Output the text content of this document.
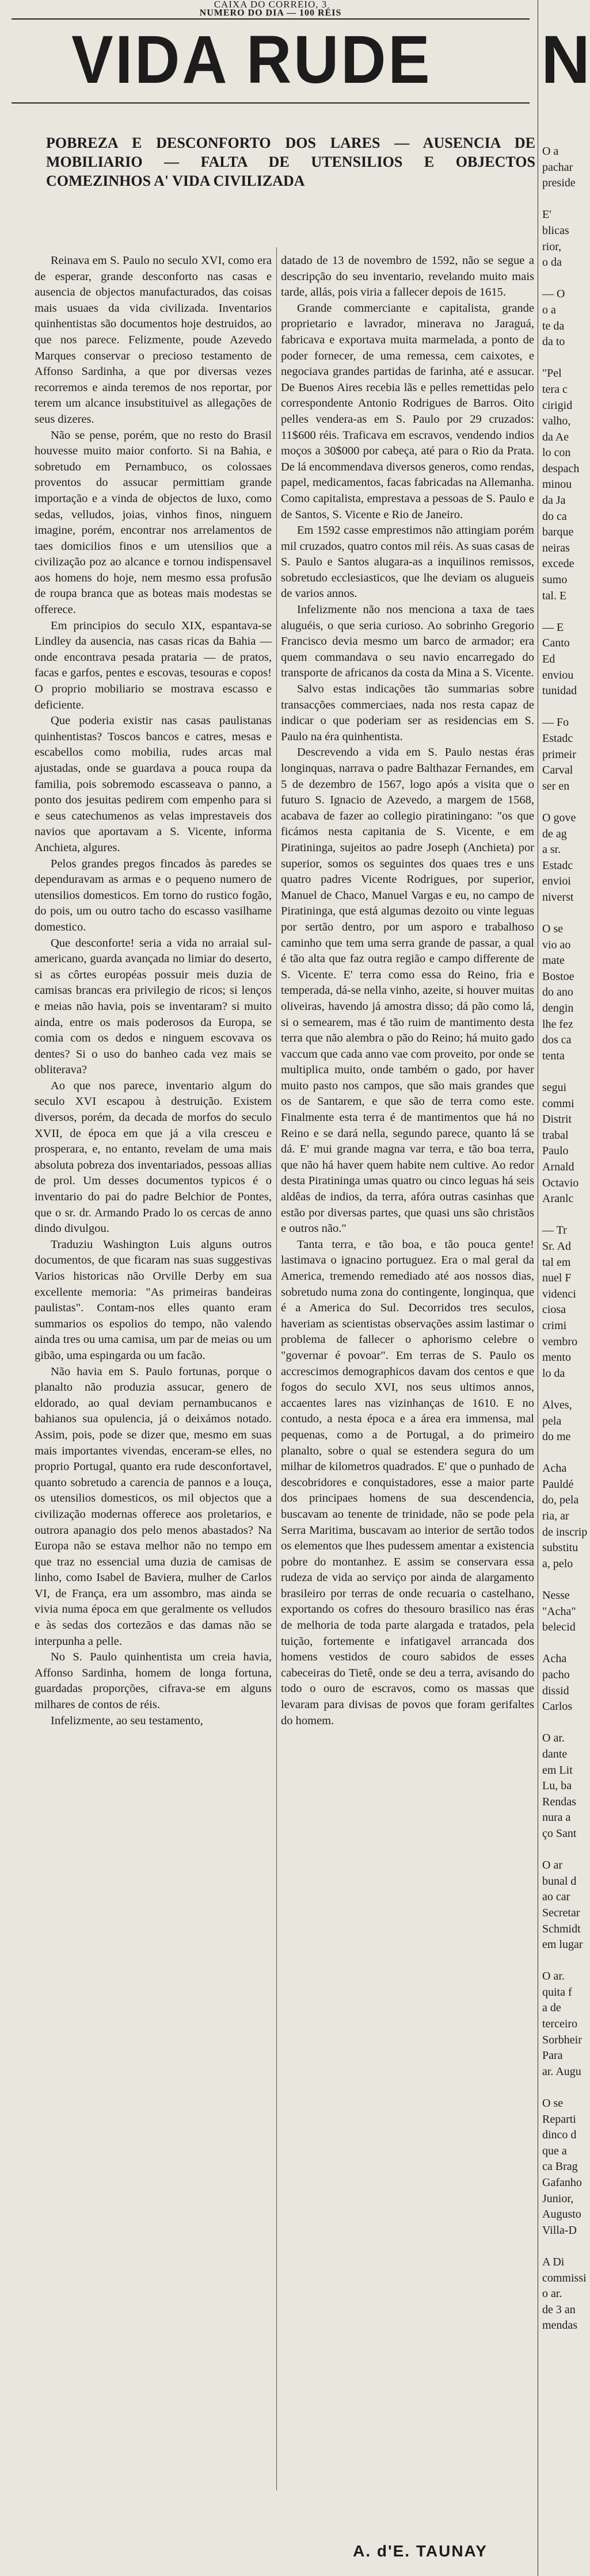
CAIXA DO CORREIO, 3
NUMERO DO DIA — 100 RÉIS
VIDA RUDE
POBREZA E DESCONFORTO DOS LARES — AUSENCIA DE MOBILIARIO — FALTA DE UTENSILIOS E OBJECTOS COMEZINHOS A' VIDA CIVILIZADA

Reinava em S. Paulo no seculo XVI, como era de esperar, grande desconforto nas casas e ausencia de objectos manufacturados, das coisas mais usuaes da vida civilizada. Inventarios quinhentistas são documentos hoje destruidos, ao que nos parece. Felizmente, poude Azevedo Marques conservar o precioso testamento de Affonso Sardinha, a que por diversas vezes recorremos e ainda teremos de nos reportar, por terem um alcance insubstituivel as allegações de seus dizeres.

Não se pense, porém, que no resto do Brasil houvesse muito maior conforto. Si na Bahia, e sobretudo em Pernambuco, os colossaes proventos do assucar permittiam grande importação e a vinda de objectos de luxo, como sedas, velludos, joias, vinhos finos, ninguem imagine, porém, encontrar nos arrelamentos de taes domicilios finos e um utensilios que a civilização poz ao alcance e tornou indispensavel aos homens do hoje, nem mesmo essa profusão de roupa branca que as boteas mais modestas se offerece.

Em principios do seculo XIX, espantava-se Lindley da ausencia, nas casas ricas da Bahia — onde encontrava pesada prataria — de pratos, facas e garfos, pentes e escovas, tesouras e copos! O proprio mobiliario se mostrava escasso e deficiente.

Que poderia existir nas casas paulistanas quinhentistas? Toscos bancos e catres, mesas e escabellos como mobilia, rudes arcas mal ajustadas, onde se guardava a pouca roupa da familia, pois sobremodo escasseava o panno, a ponto dos jesuitas pedirem com empenho para si e seus catechumenos as velas imprestaveis dos navios que aportavam a S. Vicente, informa Anchieta, algures.

Pelos grandes pregos fincados às paredes se dependuravam as armas e o pequeno numero de utensilios domesticos. Em torno do rustico fogão, do pois, um ou outro tacho do escasso vasilhame domestico.

Que desconforte! seria a vida no arraial sul-americano, guarda avançada no limiar do deserto, si as côrtes européas possuir meis duzia de camisas brancas era privilegio de ricos; si lenços e meias não havia, pois se inventaram? si muito ainda, entre os mais poderosos da Europa, se comia com os dedos e ninguem escovava os dentes? Si o uso do banheo cada vez mais se obliterava?

Ao que nos parece, inventario algum do seculo XVI escapou à destruição. Existem diversos, porém, da decada de morfos do seculo XVII, de época em que já a vila cresceu e prosperara, e, no entanto, revelam de uma mais absoluta pobreza dos inventariados, pessoas allias de prol. Um desses documentos typicos é o inventario do pai do padre Belchior de Pontes, que o sr. dr. Armando Prado lo os cercas de anno dindo divulgou.

Traduziu Washington Luis alguns outros documentos, de que ficaram nas suas suggestivas Varios historicas não Orville Derby em sua excellente memoria: "As primeiras bandeiras paulistas". Contam-nos elles quanto eram summarios os espolios do tempo, não valendo ainda tres ou uma camisa, um par de meias ou um gibão, uma espingarda ou um facão.

Não havia em S. Paulo fortunas, porque o planalto não produzia assucar, genero de eldorado, ao qual deviam pernambucanos e bahianos sua opulencia, já o deixámos notado. Assim, pois, pode se dizer que, mesmo em suas mais importantes vivendas, enceram-se elles, no proprio Portugal, quanto era rude desconfortavel, quanto sobretudo a carencia de pannos e a louça, os utensilios domesticos, os mil objectos que a civilização modernas offerece aos proletarios, e outrora apanagio dos pelo menos abastados? Na Europa não se estava melhor não no tempo em que traz no essencial uma duzia de camisas de linho, como Isabel de Baviera, mulher de Carlos VI, de França, era um assombro, mas ainda se vivia numa época em que geralmente os velludos e às sedas dos cortezãos e das damas não se interpunha a pelle.

No S. Paulo quinhentista um creia havia, Affonso Sardinha, homem de longa fortuna, guardadas proporções, cifrava-se em alguns milhares de contos de réis.

Infelizmente, ao seu testamento,

datado de 13 de novembro de 1592, não se segue a descripção do seu inventario, revelando muito mais tarde, allás, pois viria a fallecer depois de 1615.

Grande commerciante e capitalista, grande proprietario e lavrador, minerava no Jaraguá, fabricava e exportava muita marmelada, a ponto de poder fornecer, de uma remessa, cem caixotes, e negociava grandes partidas de farinha, até e assucar. De Buenos Aires recebia lãs e pelles remettidas pelo correspondente Antonio Rodrigues de Barros. Oito pelles vendera-as em S. Paulo por 29 cruzados: 11$600 réis. Traficava em escravos, vendendo indios moços a 30$000 por cabeça, até para o Rio da Prata. De lá encommendava diversos generos, como rendas, papel, medicamentos, facas fabricadas na Allemanha. Como capitalista, emprestava a pessoas de S. Paulo e de Santos, S. Vicente e Rio de Janeiro.

Em 1592 casse emprestimos não attingiam porém mil cruzados, quatro contos mil réis. As suas casas de S. Paulo e Santos alugara-as a inquilinos remissos, sobretudo ecclesiasticos, que lhe deviam os alugueis de varios annos.

Infelizmente não nos menciona a taxa de taes aluguéis, o que seria curioso. Ao sobrinho Gregorio Francisco devia mesmo um barco de armador; era quem commandava o seu navio encarregado do transporte de africanos da costa da Mina a S. Vicente.

Salvo estas indicações tão summarias sobre transacções commerciaes, nada nos resta capaz de indicar o que poderiam ser as residencias em S. Paulo na éra quinhentista.

Descrevendo a vida em S. Paulo nestas éras longinquas, narrava o padre Balthazar Fernandes, em 5 de dezembro de 1567, logo após a visita que o futuro S. Ignacio de Azevedo, a margem de 1568, acabava de fazer ao collegio piratiningano: "os que ficámos nesta capitania de S. Vicente, e em Piratininga, sujeitos ao padre Joseph (Anchieta) por superior, somos os seguintes dos quaes tres e uns quatro padres Vicente Rodrigues, por superior, Manuel de Chaco, Manuel Vargas e eu, no campo de Piratininga, que está algumas dezoito ou vinte leguas por sertão dentro, por um asporo e trabalhoso caminho que tem uma serra grande de passar, a qual é tão alta que faz outra região e campo differente de S. Vicente. E' terra como essa do Reino, fria e temperada, dá-se nella vinho, azeite, si houver muitas oliveiras, havendo já amostra disso; dá pão como lá, si o semearem, mas é tão ruim de mantimento desta terra que não alembra o pão do Reino; há muito gado vaccum que cada anno vae com proveito, por onde se multiplica muito, onde também o gado, por haver muito pasto nos campos, que são mais grandes que os de Santarem, e que são de terra como este. Finalmente esta terra é de mantimentos que há no Reino e se dará nella, segundo parece, quanto lá se dá. E' mui grande magna var terra, e tão boa terra, que não há haver quem habite nem cultive. Ao redor desta Piratininga umas quatro ou cinco leguas há seis aldêas de indios, da terra, afóra outras casinhas que estão por diversas partes, que quasi uns são christãos e outros não."

Tanta terra, e tão boa, e tão pouca gente! lastimava o ignacino portuguez. Era o mal geral da America, tremendo remediado até aos nossos dias, sobretudo numa zona do contingente, longinqua, que é a America do Sul. Decorridos tres seculos, haveriam as scientistas observações assim lastimar o problema de fallecer o aphorismo celebre o "governar é povoar". Em terras de S. Paulo os accrescimos demographicos davam dos centos e que fogos do seculo XVI, nos seus ultimos annos, accaentes lares nas vizinhanças de 1610. E no contudo, a nesta época e a área era immensa, mal pequenas, como a de Portugal, a do primeiro planalto, sobre o qual se estendera segura do um milhar de kilometros quadrados. E' que o punhado de descobridores e conquistadores, esse a maior parte dos principaes homens de sua descendencia, buscavam ao tenente de trinidade, não se pode pela Serra Maritima, buscavam ao interior de sertão todos os elementos que lhes pudessem amentar a existencia pobre do montanhez. E assim se conservara essa rudeza de vida ao serviço por ainda de alargamento brasileiro por terras de onde recuaria o castelhano, exportando os cofres do thesouro brasilico nas éras de melhoria de toda parte alargada e tratados, pela tuição, fortemente e infatigavel arrancada dos homens vestidos de couro sabidos de esses cabeceiras do Tietê, onde se deu a terra, avisando do todo o ouro de escravos, como os massas que levaram para divisas de povos que foram gerifaltes do homem.

A. d'E. TAUNAY
N
O a
pachar
preside

E'
blicas
rior,
o da

— O
o a
te da
da to

"Pel
tera c
cirigid
valho,
da Ae
lo con
despach
minou
da Ja
do ca
barque
neiras
excede
sumo
tal. E

— E
Canto
Ed
enviou
tunidad

— Fo
Estadc
primeir
Carval
ser en

O gove
de ag
a sr.
Estadc
envioi
niverst

O se
vio ao
mate
Bostoe
do ano
dengin
lhe fez
dos ca
tenta

segui
commi
Distrit
trabal
Paulo
Arnald
Octavio
Aranlc

— Tr
Sr. Ad
tal em
nuel F
videnci
ciosa
crimi
vembro
mento
lo da

Alves,
pela
do me

Acha
Pauldé
do, pela
ria, ar
de inscrip
substitu
a, pelo

Nesse
"Acha"
belecid

Acha
pacho
dissid
Carlos

O ar.
dante
em Lit
Lu, ba
Rendas
nura a
ço Sant

O ar
bunal d
ao car
Secretar
Schmidt
em lugar

O ar.
quita f
a de
terceiro
Sorbheir
Para
ar. Augu

O se
Reparti
dinco d
que a
ca Brag
Gafanho
Junior,
Augusto
Villa-D

A Di
commissi
o ar.
de 3 an
mendas
